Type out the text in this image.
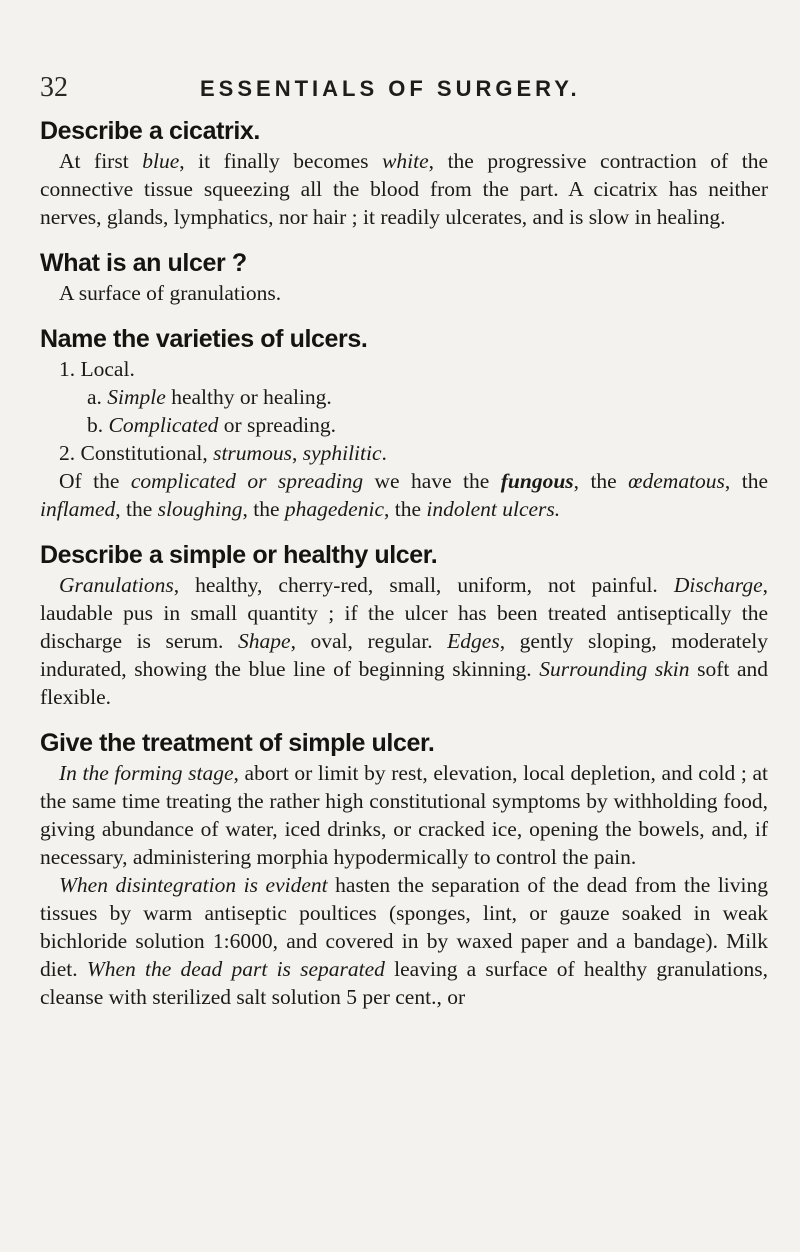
32	ESSENTIALS OF SURGERY.
Describe a cicatrix.

At first blue, it finally becomes white, the progressive contraction of the connective tissue squeezing all the blood from the part. A cicatrix has neither nerves, glands, lymphatics, nor hair ; it readily ulcerates, and is slow in healing.

What is an ulcer ?

A surface of granulations.

Name the varieties of ulcers.

1. Local.

a. Simple healthy or healing.

b. Complicated or spreading.

2. Constitutional, strumous, syphilitic.

Of the complicated or spreading we have the fungous, the œdematous, the inflamed, the sloughing, the phagedenic, the indolent ulcers.

Describe a simple or healthy ulcer.

Granulations, healthy, cherry-red, small, uniform, not painful. Discharge, laudable pus in small quantity ; if the ulcer has been treated antiseptically the discharge is serum. Shape, oval, regular. Edges, gently sloping, moderately indurated, showing the blue line of beginning skinning. Surrounding skin soft and flexible.

Give the treatment of simple ulcer.

In the forming stage, abort or limit by rest, elevation, local depletion, and cold ; at the same time treating the rather high constitutional symptoms by withholding food, giving abundance of water, iced drinks, or cracked ice, opening the bowels, and, if necessary, administering morphia hypodermically to control the pain.

When disintegration is evident hasten the separation of the dead from the living tissues by warm antiseptic poultices (sponges, lint, or gauze soaked in weak bichloride solution 1:6000, and covered in by waxed paper and a bandage). Milk diet. When the dead part is separated leaving a surface of healthy granulations, cleanse with sterilized salt solution 5 per cent., or
